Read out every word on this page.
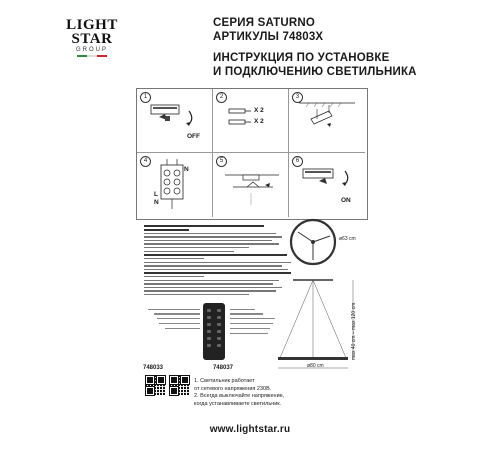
LIGHT
STAR
GROUP
СЕРИЯ SATURNO
АРТИКУЛЫ 74803X
ИНСТРУКЦИЯ ПО УСТАНОВКЕ
И ПОДКЛЮЧЕНИЮ СВЕТИЛЬНИКА
1
OFF
2
X 2
X 2
3
4
N
L
N
5	6
ON
748033	748037
1. Светильник работает
от сетевого напряжения 230В.
2. Всегда выключайте напряжение,
когда устанавливаете светильник.
ø63 cm
max 40 cm – max 120 cm
ø80 cm
www.lightstar.ru
